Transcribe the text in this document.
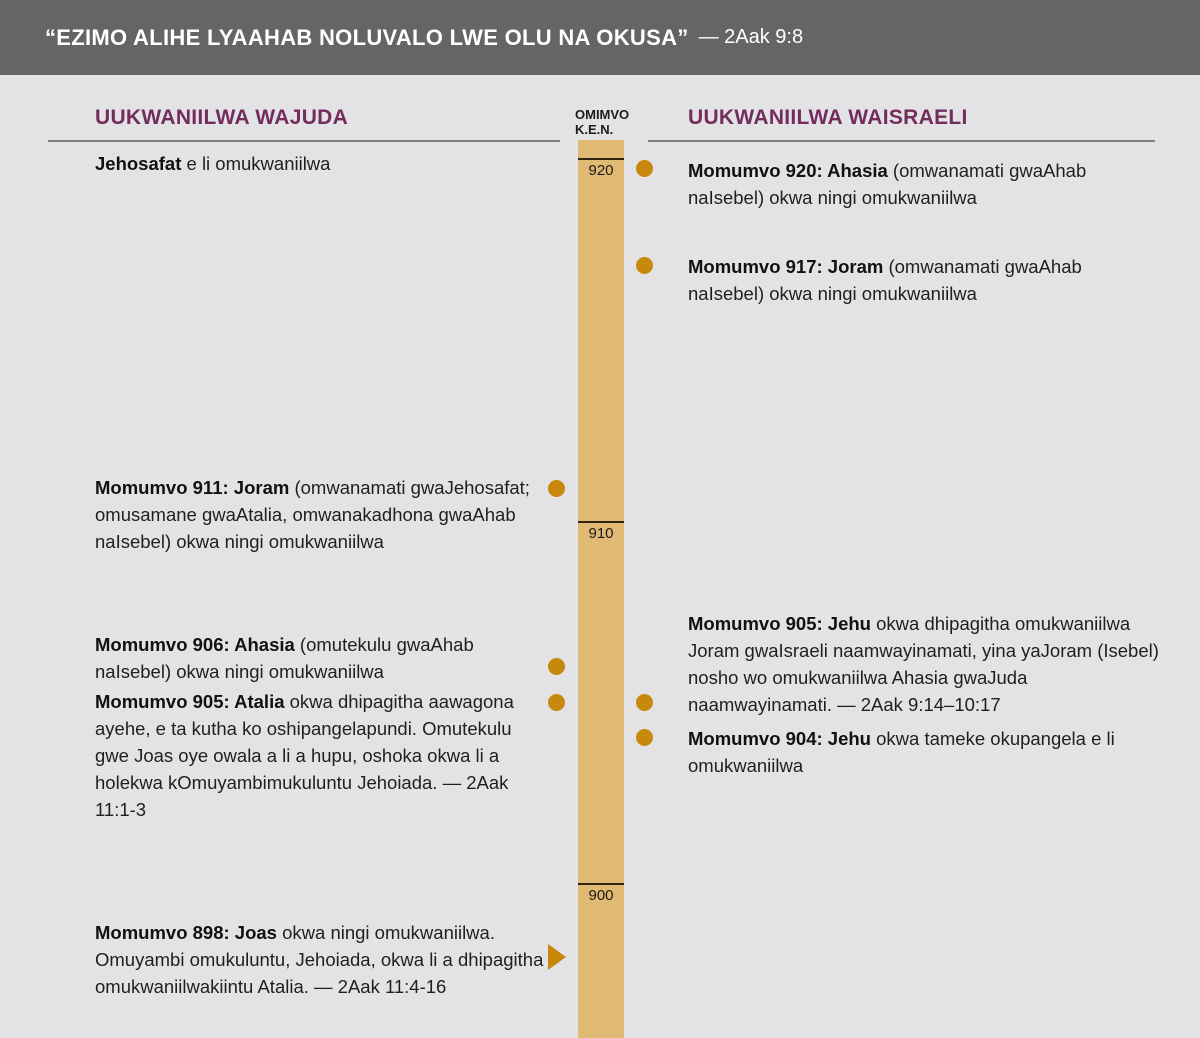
“EZIMO ALIHE LYAAHAB NOLUVALO LWE OLU NA OKUSA” — 2Aak 9:8
UUKWANIILWA WAJUDA	UUKWANIILWA WAISRAELI
OMIMVO
K.E.N.
920
910
900
Jehosafat e li omukwaniilwa
Momumvo 911: Joram (omwanamati gwaJehosafat; omusamane gwaAtalia, omwanakadhona gwaAhab naIsebel) okwa ningi omukwaniilwa
Momumvo 906: Ahasia (omutekulu gwaAhab naIsebel) okwa ningi omukwaniilwa
Momumvo 905: Atalia okwa dhipagitha aawagona ayehe, e ta kutha ko oshipangelapundi. Omutekulu gwe Joas oye owala a li a hupu, oshoka okwa li a holekwa kOmuyambimukuluntu Jehoiada. — 2Aak 11:1-3
Momumvo 898: Joas okwa ningi omukwaniilwa. Omuyambi omukuluntu, Jehoiada, okwa li a dhipagitha omukwaniilwakiintu Atalia. — 2Aak 11:4-16
Momumvo 920: Ahasia (omwanamati gwaAhab naIsebel) okwa ningi omukwaniilwa
Momumvo 917: Joram (omwanamati gwaAhab naIsebel) okwa ningi omukwaniilwa
Momumvo 905: Jehu okwa dhipagitha omukwaniilwa Joram gwaIsraeli naamwayinamati, yina yaJoram (Isebel) nosho wo omukwaniilwa Ahasia gwaJuda naamwayinamati. — 2Aak 9:14–10:17
Momumvo 904: Jehu okwa tameke okupangela e li omukwaniilwa
